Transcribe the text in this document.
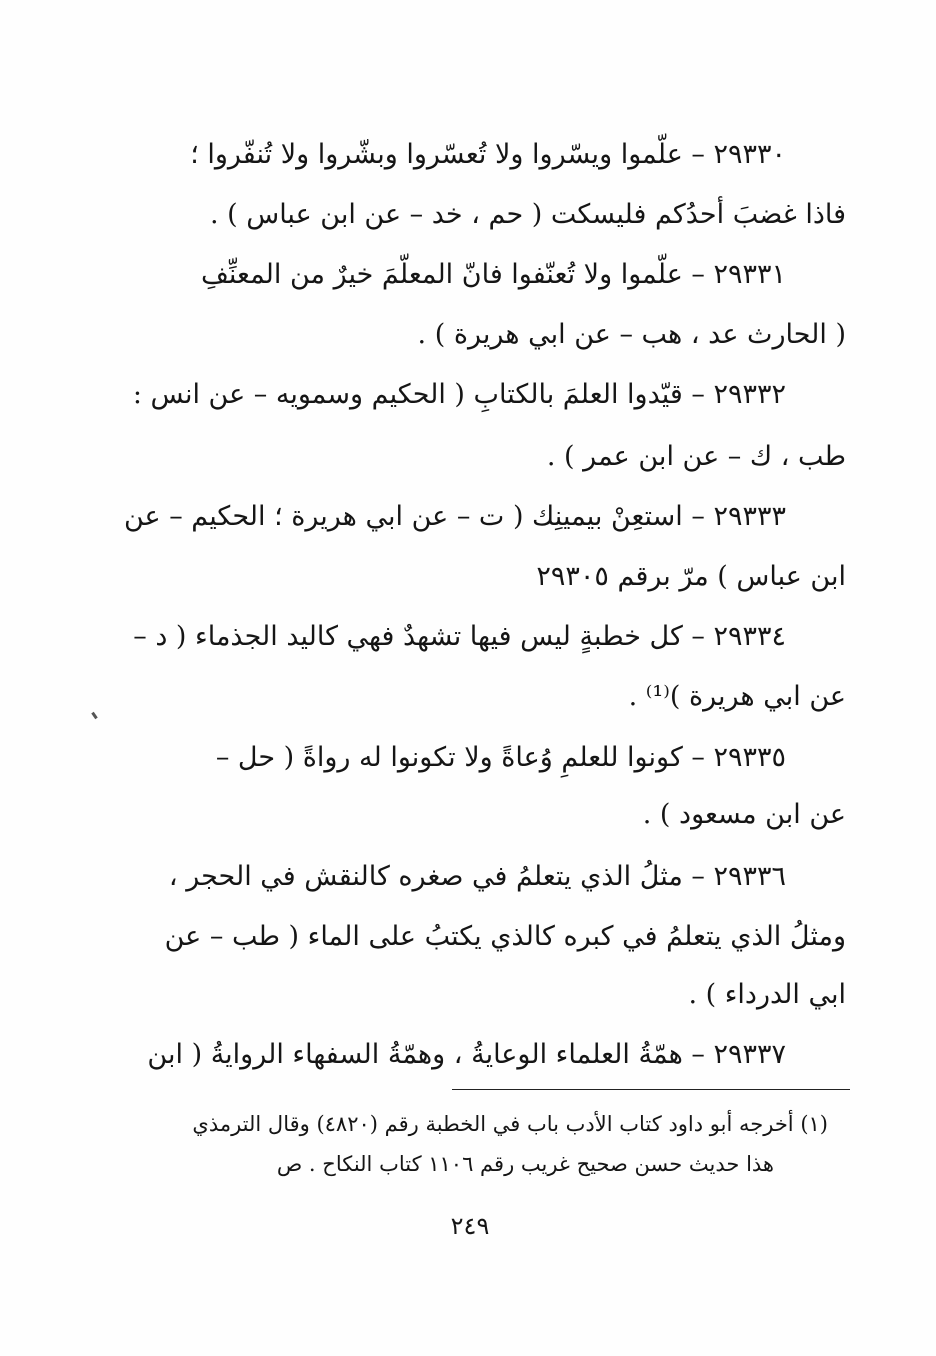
٢٩٣٣٠ – علّموا ويسّروا ولا تُعسّروا وبشّروا ولا تُنفّروا ؛
فاذا غضبَ أحدُكم فليسكت ( حم ، خد – عن ابن عباس ) .
٢٩٣٣١ – علّموا ولا تُعنّفوا فانّ المعلّمَ خيرٌ من المعنِّفِ
( الحارث عد ، هب – عن ابي هريرة ) .
٢٩٣٣٢ – قيّدوا العلمَ بالكتابِ ( الحكيم وسمويه – عن انس :
طب ، ك – عن ابن عمر ) .
٢٩٣٣٣ – استعِنْ بيمينِك ( ت – عن ابي هريرة ؛ الحكيم – عن
ابن عباس ) مرّ برقم ٢٩٣٠٥
٢٩٣٣٤ – كل خطبةٍ ليس فيها تشهدٌ فهي كاليد الجذماء ( د –
عن ابي هريرة )⁽¹⁾ .
٢٩٣٣٥ – كونوا للعلمِ وُعاةً ولا تكونوا له رواةً ( حل –
عن ابن مسعود ) .
٢٩٣٣٦ – مثلُ الذي يتعلمُ في صغره كالنقش في الحجر ،
ومثلُ الذي يتعلمُ في كبره كالذي يكتبُ على الماء ( طب – عن
ابي الدرداء ) .
٢٩٣٣٧ – همّةُ العلماء الوعايةُ ، وهمّةُ السفهاء الروايةُ ( ابن
(١) أخرجه أبو داود كتاب الأدب باب في الخطبة رقم (٤٨٢٠) وقال الترمذي
هذا حديث حسن صحيح غريب رقم ١١٠٦ كتاب النكاح . ص
٢٤٩
